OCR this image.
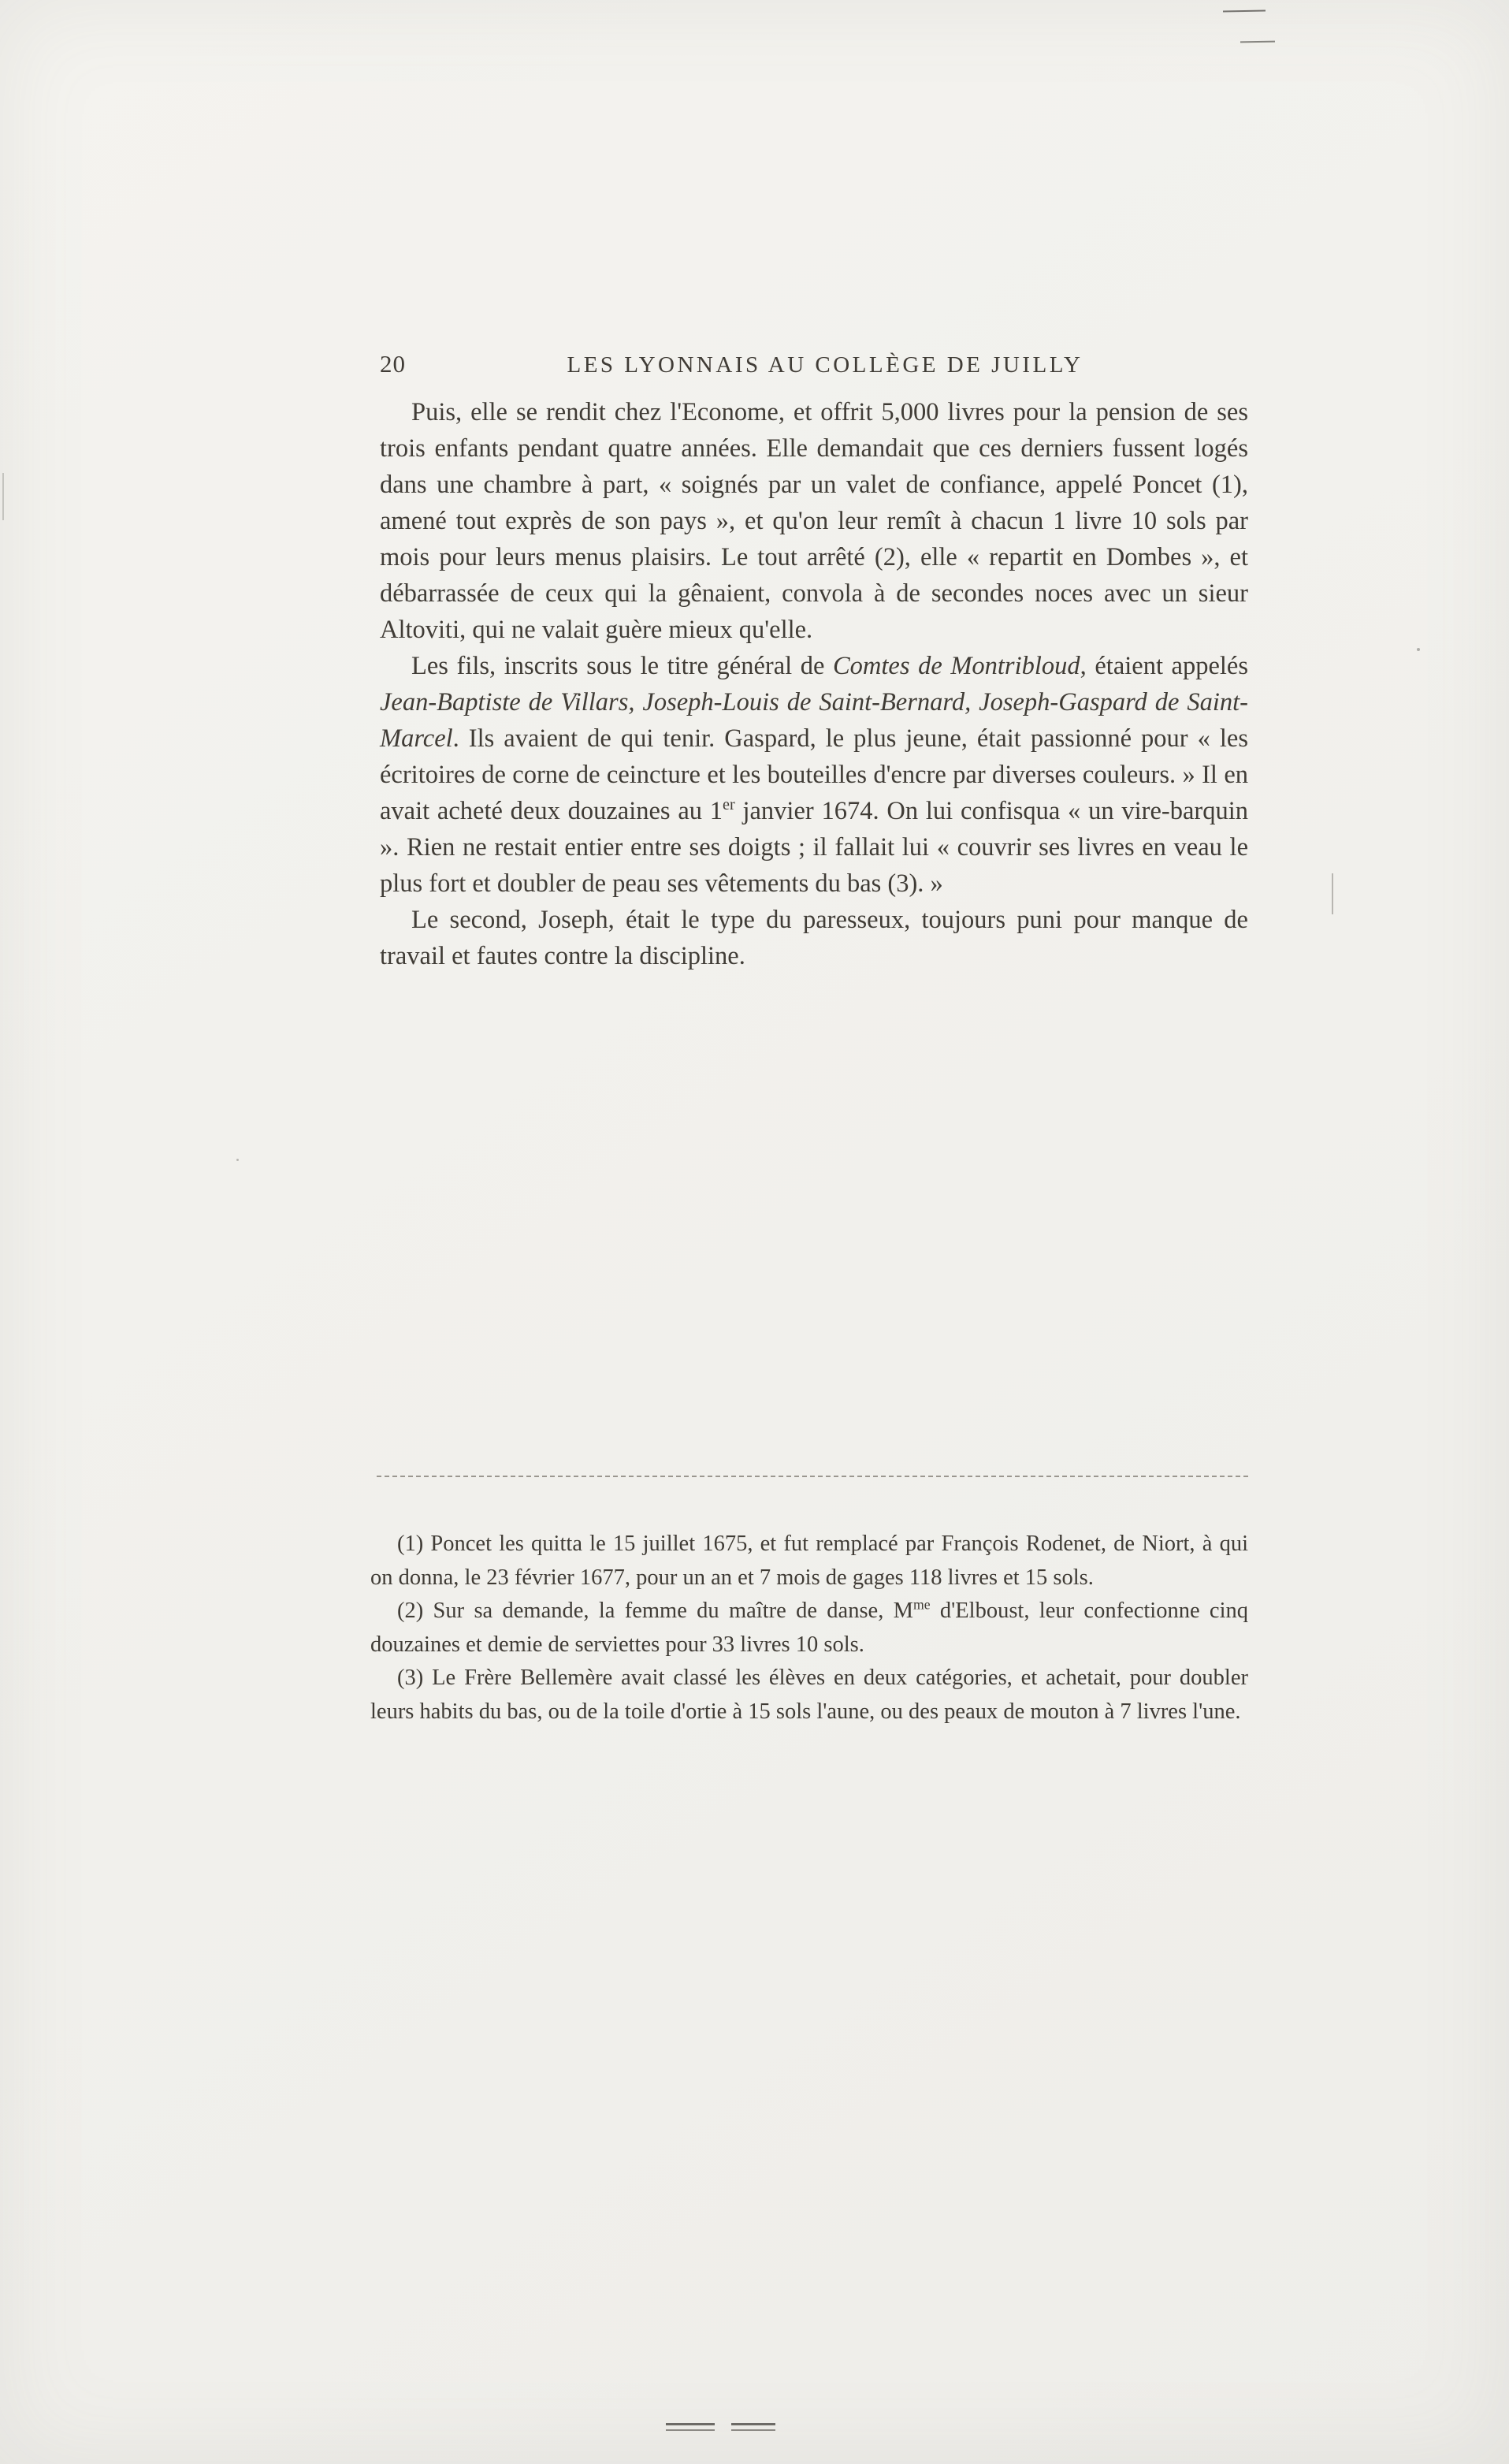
20	LES LYONNAIS AU COLLÈGE DE JUILLY

Puis, elle se rendit chez l'Econome, et offrit 5,000 livres pour la pension de ses trois enfants pendant quatre années. Elle demandait que ces derniers fussent logés dans une chambre à part, « soignés par un valet de confiance, appelé Poncet (1), amené tout exprès de son pays », et qu'on leur remît à chacun 1 livre 10 sols par mois pour leurs menus plaisirs. Le tout arrêté (2), elle « repartit en Dombes », et débarrassée de ceux qui la gênaient, convola à de secondes noces avec un sieur Altoviti, qui ne valait guère mieux qu'elle.

Les fils, inscrits sous le titre général de Comtes de Montribloud, étaient appelés Jean-Baptiste de Villars, Joseph-Louis de Saint-Bernard, Joseph-Gaspard de Saint-Marcel. Ils avaient de qui tenir. Gaspard, le plus jeune, était passionné pour « les écritoires de corne de ceincture et les bouteilles d'encre par diverses couleurs. » Il en avait acheté deux douzaines au 1er janvier 1674. On lui confisqua « un vire-barquin ». Rien ne restait entier entre ses doigts ; il fallait lui « couvrir ses livres en veau le plus fort et doubler de peau ses vêtements du bas (3). »

Le second, Joseph, était le type du paresseux, toujours puni pour manque de travail et fautes contre la discipline.

(1) Poncet les quitta le 15 juillet 1675, et fut remplacé par François Rodenet, de Niort, à qui on donna, le 23 février 1677, pour un an et 7 mois de gages 118 livres et 15 sols.

(2) Sur sa demande, la femme du maître de danse, $M^{me}$ d'Elboust, leur confectionne cinq douzaines et demie de serviettes pour 33 livres 10 sols.

(3) Le Frère Bellemère avait classé les élèves en deux catégories, et achetait, pour doubler leurs habits du bas, ou de la toile d'ortie à 15 sols l'aune, ou des peaux de mouton à 7 livres l'une.
